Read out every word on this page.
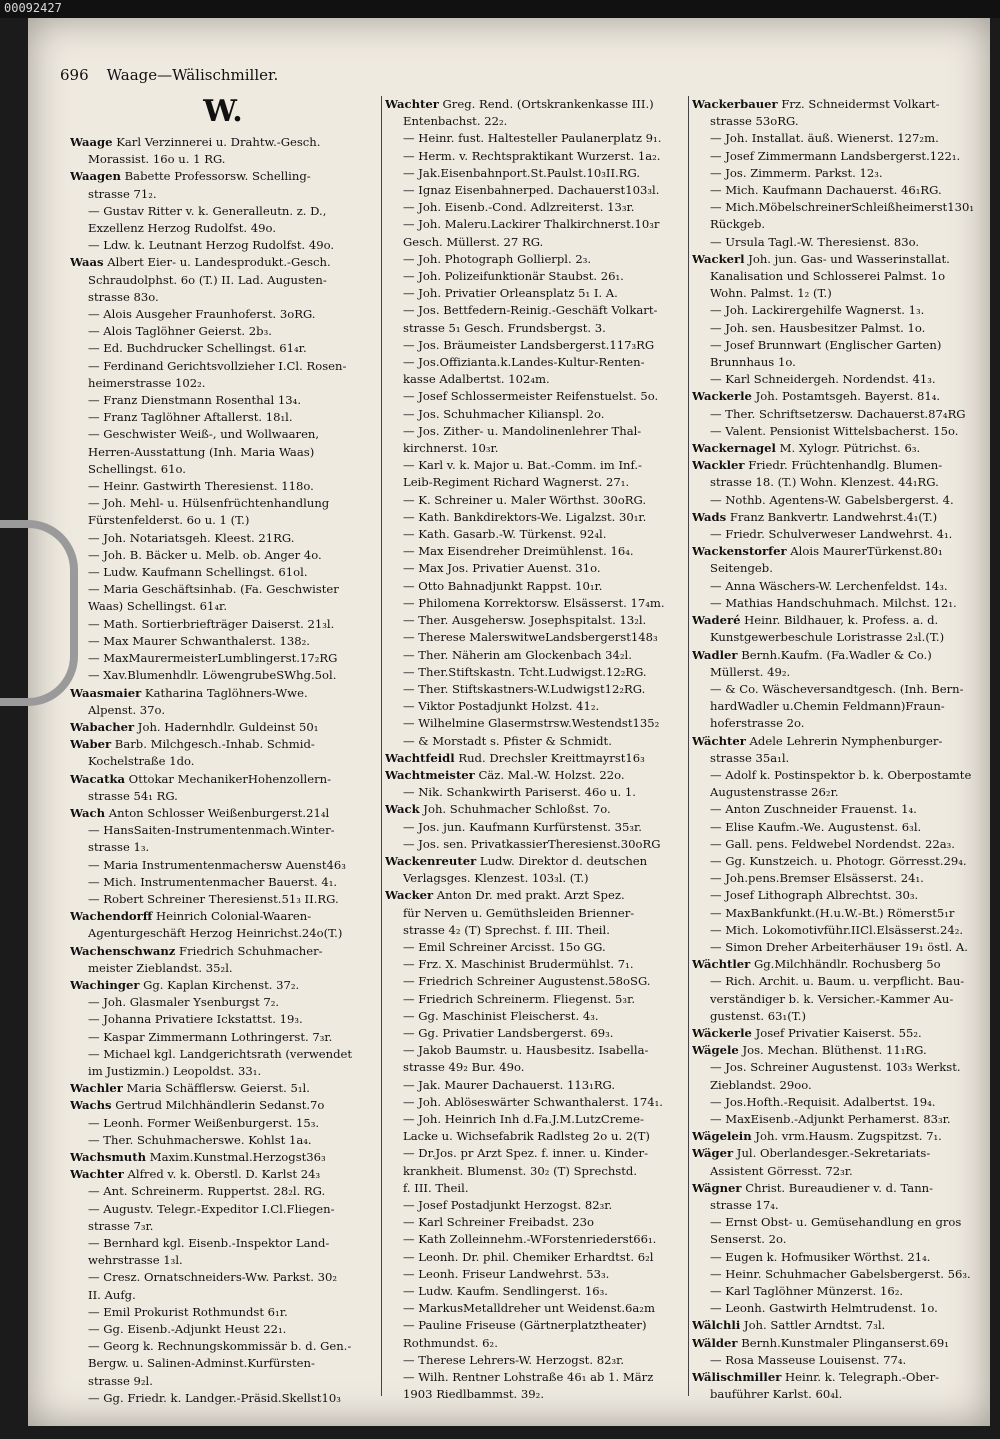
00092427
696 Waage—Wälischmiller.
W.
Waage Karl Verzinnerei u. Drahtw.-Gesch.
Morassist. 16o u. 1 RG.
Waagen Babette Professorsw. Schelling-
strasse 71₂.
— Gustav Ritter v. k. Generalleutn. z. D.,
Exzellenz Herzog Rudolfst. 49o.
— Ldw. k. Leutnant Herzog Rudolfst. 49o.
Waas Albert Eier- u. Landesprodukt.-Gesch.
Schraudolphst. 6o (T.) II. Lad. Augusten-
strasse 83o.
— Alois Ausgeher Fraunhoferst. 3oRG.
— Alois Taglöhner Geierst. 2b₃.
— Ed. Buchdrucker Schellingst. 61₄r.
— Ferdinand Gerichtsvollzieher I.Cl. Rosen-
heimerstrasse 102₂.
— Franz Dienstmann Rosenthal 13₄.
— Franz Taglöhner Aftallerst. 18₁l.
— Geschwister Weiß-, und Wollwaaren,
Herren-Ausstattung (Inh. Maria Waas)
Schellingst. 61o.
— Heinr. Gastwirth Theresienst. 118o.
— Joh. Mehl- u. Hülsenfrüchtenhandlung
Fürstenfelderst. 6o u. 1 (T.)
— Joh. Notariatsgeh. Kleest. 21RG.
— Joh. B. Bäcker u. Melb. ob. Anger 4o.
— Ludw. Kaufmann Schellingst. 61ol.
— Maria Geschäftsinhab. (Fa. Geschwister
Waas) Schellingst. 61₄r.
— Math. Sortierbriefträger Daiserst. 21₃l.
— Max Maurer Schwanthalerst. 138₂.
— MaxMaurermeisterLumblingerst.17₂RG
— Xav.Blumenhdlr. LöwengrubeSWhg.5ol.
Waasmaier Katharina Taglöhners-Wwe.
Alpenst. 37o.
Wabacher Joh. Hadernhdlr. Guldeinst 50₁
Waber Barb. Milchgesch.-Inhab. Schmid-
Kochelstraße 1do.
Wacatka Ottokar MechanikerHohenzollern-
strasse 54₁ RG.
Wach Anton Schlosser Weißenburgerst.21₄l
— HansSaiten-Instrumentenmach.Winter-
strasse 1₃.
— Maria Instrumentenmachersw Auenst46₃
— Mich. Instrumentenmacher Bauerst. 4₁.
— Robert Schreiner Theresienst.51₃ II.RG.
Wachendorff Heinrich Colonial-Waaren-
Agenturgeschäft Herzog Heinrichst.24o(T.)
Wachenschwanz Friedrich Schuhmacher-
meister Zieblandst. 35₂l.
Wachinger Gg. Kaplan Kirchenst. 37₂.
— Joh. Glasmaler Ysenburgst 7₂.
— Johanna Privatiere Ickstattst. 19₃.
— Kaspar Zimmermann Lothringerst. 7₃r.
— Michael kgl. Landgerichtsrath (verwendet
im Justizmin.) Leopoldst. 33₁.
Wachler Maria Schäfflersw. Geierst. 5₁l.
Wachs Gertrud Milchhändlerin Sedanst.7o
— Leonh. Former Weißenburgerst. 15₃.
— Ther. Schuhmacherswe. Kohlst 1a₄.
Wachsmuth Maxim.Kunstmal.Herzogst36₃
Wachter Alfred v. k. Oberstl. D. Karlst 24₃
— Ant. Schreinerm. Ruppertst. 28₂l. RG.
— Augustv. Telegr.-Expeditor I.Cl.Fliegen-
strasse 7₃r.
— Bernhard kgl. Eisenb.-Inspektor Land-
wehrstrasse 1₃l.
— Cresz. Ornatschneiders-Ww. Parkst. 30₂
II. Aufg.
— Emil Prokurist Rothmundst 6₁r.
— Gg. Eisenb.-Adjunkt Heust 22₁.
— Georg k. Rechnungskommissär b. d. Gen.-
Bergw. u. Salinen-Adminst.Kurfürsten-
strasse 9₂l.
— Gg. Friedr. k. Landger.-Präsid.Skellst10₃
Wachter Greg. Rend. (Ortskrankenkasse III.)
Entenbachst. 22₂.
— Heinr. fust. Haltesteller Paulanerplatz 9₁.
— Herm. v. Rechtspraktikant Wurzerst. 1a₂.
— Jak.Eisenbahnport.St.Paulst.10₃II.RG.
— Ignaz Eisenbahnerped. Dachauerst103₃l.
— Joh. Eisenb.-Cond. Adlzreiterst. 13₃r.
— Joh. Maleru.Lackirer Thalkirchnerst.10₃r
Gesch. Müllerst. 27 RG.
— Joh. Photograph Gollierpl. 2₃.
— Joh. Polizeifunktionär Staubst. 26₁.
— Joh. Privatier Orleansplatz 5₁ I. A.
— Jos. Bettfedern-Reinig.-Geschäft Volkart-
strasse 5₁ Gesch. Frundsbergst. 3.
— Jos. Bräumeister Landsbergerst.117₃RG
— Jos.Offizianta.k.Landes-Kultur-Renten-
kasse Adalbertst. 102₄m.
— Josef Schlossermeister Reifenstuelst. 5o.
— Jos. Schuhmacher Kilianspl. 2o.
— Jos. Zither- u. Mandolinenlehrer Thal-
kirchnerst. 10₃r.
— Karl v. k. Major u. Bat.-Comm. im Inf.-
Leib-Regiment Richard Wagnerst. 27₁.
— K. Schreiner u. Maler Wörthst. 30oRG.
— Kath. Bankdirektors-We. Ligalzst. 30₁r.
— Kath. Gasarb.-W. Türkenst. 92₄l.
— Max Eisendreher Dreimühlenst. 16₄.
— Max Jos. Privatier Auenst. 31o.
— Otto Bahnadjunkt Rappst. 10₁r.
— Philomena Korrektorsw. Elsässerst. 17₄m.
— Ther. Ausgehersw. Josephspitalst. 13₂l.
— Therese MalerswitweLandsbergerst148₃
— Ther. Näherin am Glockenbach 34₂l.
— Ther.Stiftskastn. Tcht.Ludwigst.12₂RG.
— Ther. Stiftskastners-W.Ludwigst12₂RG.
— Viktor Postadjunkt Holzst. 41₂.
— Wilhelmine Glasermstrsw.Westendst135₂
— & Morstadt s. Pfister & Schmidt.
Wachtfeidl Rud. Drechsler Kreittmayrst16₃
Wachtmeister Cäz. Mal.-W. Holzst. 22o.
— Nik. Schankwirth Pariserst. 46o u. 1.
Wack Joh. Schuhmacher Schloßst. 7o.
— Jos. jun. Kaufmann Kurfürstenst. 35₃r.
— Jos. sen. PrivatkassierTheresienst.30oRG
Wackenreuter Ludw. Direktor d. deutschen
Verlagsges. Klenzest. 103₃l. (T.)
Wacker Anton Dr. med prakt. Arzt Spez.
für Nerven u. Gemüthsleiden Brienner-
strasse 4₂ (T) Sprechst. f. III. Theil.
— Emil Schreiner Arcisst. 15o GG.
— Frz. X. Maschinist Brudermühlst. 7₁.
— Friedrich Schreiner Augustenst.58oSG.
— Friedrich Schreinerm. Fliegenst. 5₃r.
— Gg. Maschinist Fleischerst. 4₃.
— Gg. Privatier Landsbergerst. 69₃.
— Jakob Baumstr. u. Hausbesitz. Isabella-
strasse 49₂ Bur. 49o.
— Jak. Maurer Dachauerst. 113₁RG.
— Joh. Ablöseswärter Schwanthalerst. 174₁.
— Joh. Heinrich Inh d.Fa.J.M.LutzCreme-
Lacke u. Wichsefabrik Radlsteg 2o u. 2(T)
— Dr.Jos. pr Arzt Spez. f. inner. u. Kinder-
krankheit. Blumenst. 30₂ (T) Sprechstd.
f. III. Theil.
— Josef Postadjunkt Herzogst. 82₃r.
— Karl Schreiner Freibadst. 23o
— Kath Zolleinnehm.-WForstenriederst66₁.
— Leonh. Dr. phil. Chemiker Erhardtst. 6₂l
— Leonh. Friseur Landwehrst. 53₃.
— Ludw. Kaufm. Sendlingerst. 16₃.
— MarkusMetalldreher unt Weidenst.6a₂m
— Pauline Friseuse (Gärtnerplatztheater)
Rothmundst. 6₂.
— Therese Lehrers-W. Herzogst. 82₃r.
— Wilh. Rentner Lohstraße 46₁ ab 1. März
1903 Riedlbammst. 39₂.
Wackerbauer Frz. Schneidermst Volkart-
strasse 53oRG.
— Joh. Installat. äuß. Wienerst. 127₂m.
— Josef Zimmermann Landsbergerst.122₁.
— Jos. Zimmerm. Parkst. 12₃.
— Mich. Kaufmann Dachauerst. 46₁RG.
— Mich.MöbelschreinerSchleißheimerst130₁
Rückgeb.
— Ursula Tagl.-W. Theresienst. 83o.
Wackerl Joh. jun. Gas- und Wasserinstallat.
Kanalisation und Schlosserei Palmst. 1o
Wohn. Palmst. 1₂ (T.)
— Joh. Lackirergehilfe Wagnerst. 1₃.
— Joh. sen. Hausbesitzer Palmst. 1o.
— Josef Brunnwart (Englischer Garten)
Brunnhaus 1o.
— Karl Schneidergeh. Nordendst. 41₃.
Wackerle Joh. Postamtsgeh. Bayerst. 81₄.
— Ther. Schriftsetzersw. Dachauerst.87₄RG
— Valent. Pensionist Wittelsbacherst. 15o.
Wackernagel M. Xylogr. Pütrichst. 6₃.
Wackler Friedr. Früchtenhandlg. Blumen-
strasse 18. (T.) Wohn. Klenzest. 44₁RG.
— Nothb. Agentens-W. Gabelsbergerst. 4.
Wads Franz Bankvertr. Landwehrst.4₁(T.)
— Friedr. Schulverweser Landwehrst. 4₁.
Wackenstorfer Alois MaurerTürkenst.80₁
Seitengeb.
— Anna Wäschers-W. Lerchenfeldst. 14₃.
— Mathias Handschuhmach. Milchst. 12₁.
Waderé Heinr. Bildhauer, k. Profess. a. d.
Kunstgewerbeschule Loristrasse 2₃l.(T.)
Wadler Bernh.Kaufm. (Fa.Wadler & Co.)
Müllerst. 49₂.
— & Co. Wäscheversandtgesch. (Inh. Bern-
hardWadler u.Chemin Feldmann)Fraun-
hoferstrasse 2o.
Wächter Adele Lehrerin Nymphenburger-
strasse 35a₁l.
— Adolf k. Postinspektor b. k. Oberpostamte
Augustenstrasse 26₂r.
— Anton Zuschneider Frauenst. 1₄.
— Elise Kaufm.-We. Augustenst. 6₃l.
— Gall. pens. Feldwebel Nordendst. 22a₃.
— Gg. Kunstzeich. u. Photogr. Görresst.29₄.
— Joh.pens.Bremser Elsässerst. 24₁.
— Josef Lithograph Albrechtst. 30₃.
— MaxBankfunkt.(H.u.W.-Bt.) Römerst5₁r
— Mich. Lokomotivführ.IICl.Elsässerst.24₂.
— Simon Dreher Arbeiterhäuser 19₁ östl. A.
Wächtler Gg.Milchhändlr. Rochusberg 5o
— Rich. Archit. u. Baum. u. verpflicht. Bau-
verständiger b. k. Versicher.-Kammer Au-
gustenst. 63₁(T.)
Wäckerle Josef Privatier Kaiserst. 55₂.
Wägele Jos. Mechan. Blüthenst. 11₁RG.
— Jos. Schreiner Augustenst. 103₃ Werkst.
Zieblandst. 29oo.
— Jos.Hofth.-Requisit. Adalbertst. 19₄.
— MaxEisenb.-Adjunkt Perhamerst. 83₃r.
Wägelein Joh. vrm.Hausm. Zugspitzst. 7₁.
Wäger Jul. Oberlandesger.-Sekretariats-
Assistent Görresst. 72₃r.
Wägner Christ. Bureaudiener v. d. Tann-
strasse 17₄.
— Ernst Obst- u. Gemüsehandlung en gros
Senserst. 2o.
— Eugen k. Hofmusiker Wörthst. 21₄.
— Heinr. Schuhmacher Gabelsbergerst. 56₃.
— Karl Taglöhner Münzerst. 16₂.
— Leonh. Gastwirth Helmtrudenst. 1o.
Wälchli Joh. Sattler Arndtst. 7₃l.
Wälder Bernh.Kunstmaler Plinganserst.69₁
— Rosa Masseuse Louisenst. 77₄.
Wälischmiller Heinr. k. Telegraph.-Ober-
bauführer Karlst. 60₄l.
